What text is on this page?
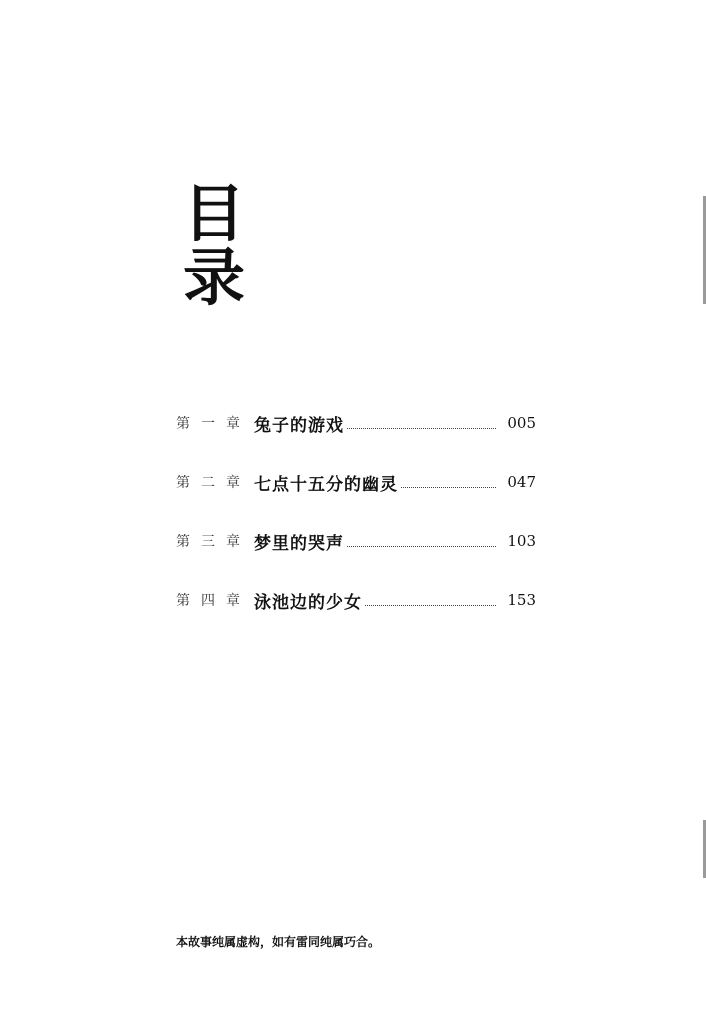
目
录
第一章 兔子的游戏	005
第二章 七点十五分的幽灵	047
第三章 梦里的哭声	103
第四章 泳池边的少女	153
本故事纯属虚构，如有雷同纯属巧合。
